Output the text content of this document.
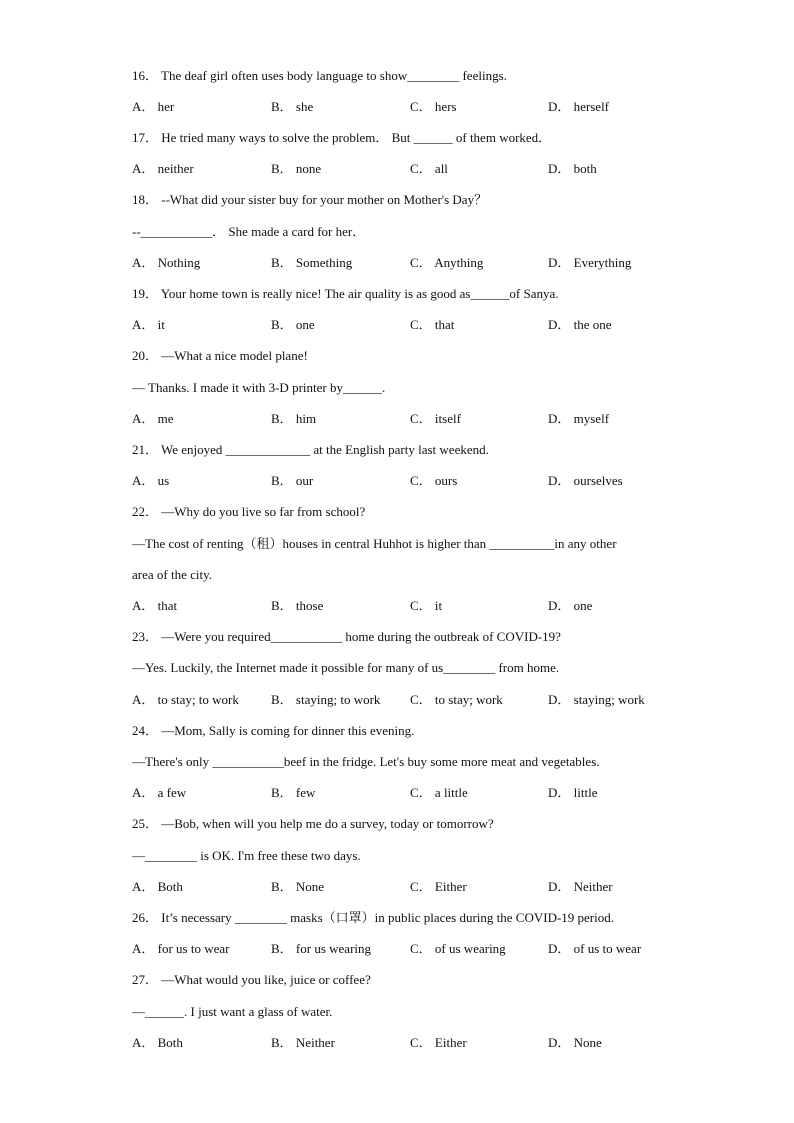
16． The deaf girl often uses body language to show________ feelings.
A． her	B． she	C． hers	D． herself
17． He tried many ways to solve the problem． But ______ of them worked．
A． neither	B． none	C． all	D． both
18． --What did your sister buy for your mother on Mother's Day？
--___________． She made a card for her．
A． Nothing	B． Something	C． Anything	D． Everything
19． Your home town is really nice! The air quality is as good as______of Sanya.
A． it	B． one	C． that	D． the one
20． —What a nice model plane!
— Thanks. I made it with 3-D printer by______.
A． me	B． him	C． itself	D． myself
21． We enjoyed _____________ at the English party last weekend.
A． us	B． our	C． ours	D． ourselves
22． —Why do you live so far from school?
—The cost of renting（租）houses in central Huhhot is higher than __________in any other
area of the city.
A． that	B． those	C． it	D． one
23． —Were you required___________ home during the outbreak of COVID-19?
—Yes. Luckily, the Internet made it possible for many of us________ from home.
A． to stay; to work B． staying; to work C． to stay; work	D． staying; work
24． —Mom, Sally is coming for dinner this evening.
—There's only ___________beef in the fridge. Let's buy some more meat and vegetables.
A． a few	B． few	C． a little	D． little
25． —Bob, when will you help me do a survey, today or tomorrow?
—________ is OK. I'm free these two days.
A． Both	B． None	C． Either	D． Neither
26． It’s necessary ________ masks（口罩）in public places during the COVID-19 period.
A． for us to wear	B． for us wearing	C． of us wearing	D． of us to wear
27． —What would you like, juice or coffee?
—______. I just want a glass of water.
A． Both	B． Neither	C． Either	D． None
